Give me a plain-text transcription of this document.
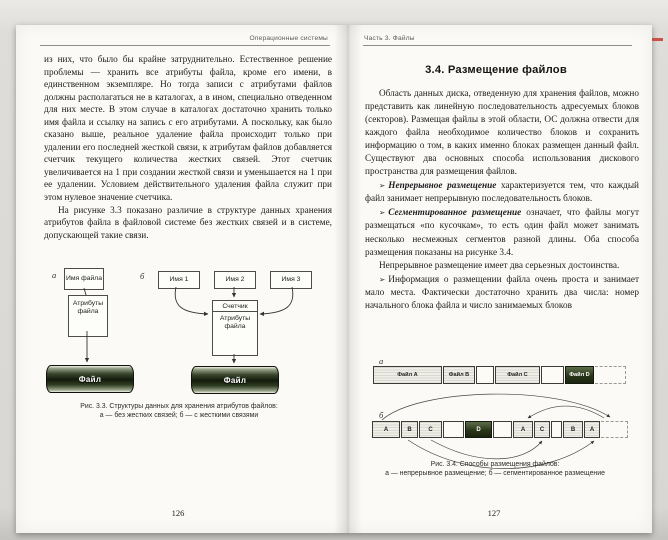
Операционные системы

из них, что было бы крайне затруднительно. Естественное решение проблемы — хранить все атрибуты файла, кроме его имени, в единственном экземпляре. Но тогда записи с атрибутами файлов должны располагаться не в каталогах, а в ином, специально отведенном для них месте. В этом случае в каталогах достаточно хранить только имя файла и ссылку на запись с его атрибутами. А поскольку, как было сказано выше, реальное удаление файла происходит только при удалении его последней жесткой связи, к атрибутам файлов добавляется счетчик текущего количества жестких связей. Этот счетчик увеличивается на 1 при создании жесткой связи и уменьшается на 1 при ее удалении. Условием действительного удаления файла служит при этом нулевое значение счетчика.

На рисунке 3.3 показано различие в структуре данных хранения атрибутов файла в файловой системе без жестких связей и в системе, допускающей такие связи.

а Имя файла
Атрибуты файла
Файл
б	Имя 1	Имя 2	Имя 3
Счетчик
Атрибуты файла
Файл
Рис. 3.3. Структуры данных для хранения атрибутов файлов:
а — без жестких связей; б — с жесткими связями
126
Часть 3. Файлы
3.4. Размещение файлов

Область данных диска, отведенную для хранения файлов, можно представить как линейную последовательность адресуемых блоков (секторов). Размещая файлы в этой области, ОС должна отвести для каждого файла необходимое количество блоков и сохранить информацию о том, в каких именно блоках размещен данный файл. Существуют два основных способа использования дискового пространства для размещения файлов.

➢ Непрерывное размещение характеризуется тем, что каждый файл занимает непрерывную последовательность блоков.

➢ Сегментированное размещение означает, что файлы могут размещаться «по кусочкам», то есть один файл может занимать несколько несмежных сегментов разной длины. Оба способа размещения показаны на рисунке 3.4.

Непрерывное размещение имеет два серьезных достоинства.

➢ Информация о размещении файла очень проста и занимает мало места. Фактически достаточно хранить два числа: номер начального блока файла и число занимаемых блоков

а
Файл A	Файл B	Файл C	Файл D
б
A	B	C	D	A	C	B	A
Рис. 3.4. Способы размещения файлов:
а — непрерывное размещение; б — сегментированное размещение
127
